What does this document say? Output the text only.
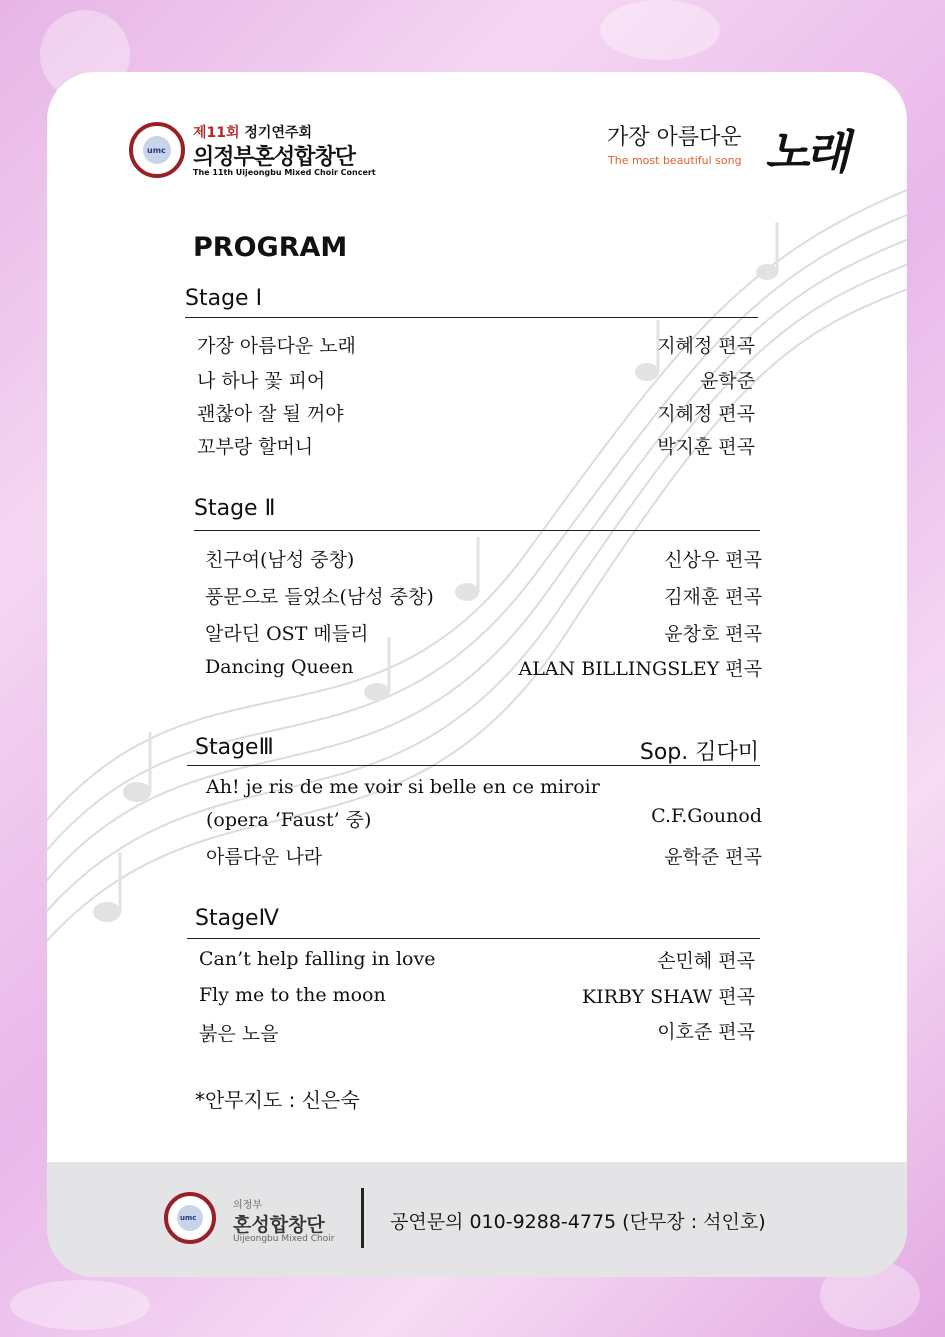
umc
제11회 정기연주회
의정부혼성합창단
The 11th Uijeongbu Mixed Choir Concert
가장 아름다운
The most beautiful song 노래
PROGRAM
Stage Ⅰ
가장 아름다운 노래	지혜정 편곡
나 하나 꽃 피어	윤학준
괜찮아 잘 될 꺼야	지혜정 편곡
꼬부랑 할머니	박지훈 편곡
Stage Ⅱ
친구여(남성 중창)	신상우 편곡
풍문으로 들었소(남성 중창)	김재훈 편곡
알라딘 OST 메들리	윤창호 편곡
Dancing Queen	ALAN BILLINGSLEY 편곡
StageⅢ	Sop. 김다미
Ah! je ris de me voir si belle en ce miroir
(opera ‘Faust’ 중)	C.F.Gounod
아름다운 나라	윤학준 편곡
StageⅣ
Can’t help falling in love	손민혜 편곡
Fly me to the moon	KIRBY SHAW 편곡
붉은 노을	이호준 편곡
*안무지도 : 신은숙
umc
의정부
혼성합창단
Uijeongbu Mixed Choir
공연문의 010-9288-4775 (단무장 : 석인호)
